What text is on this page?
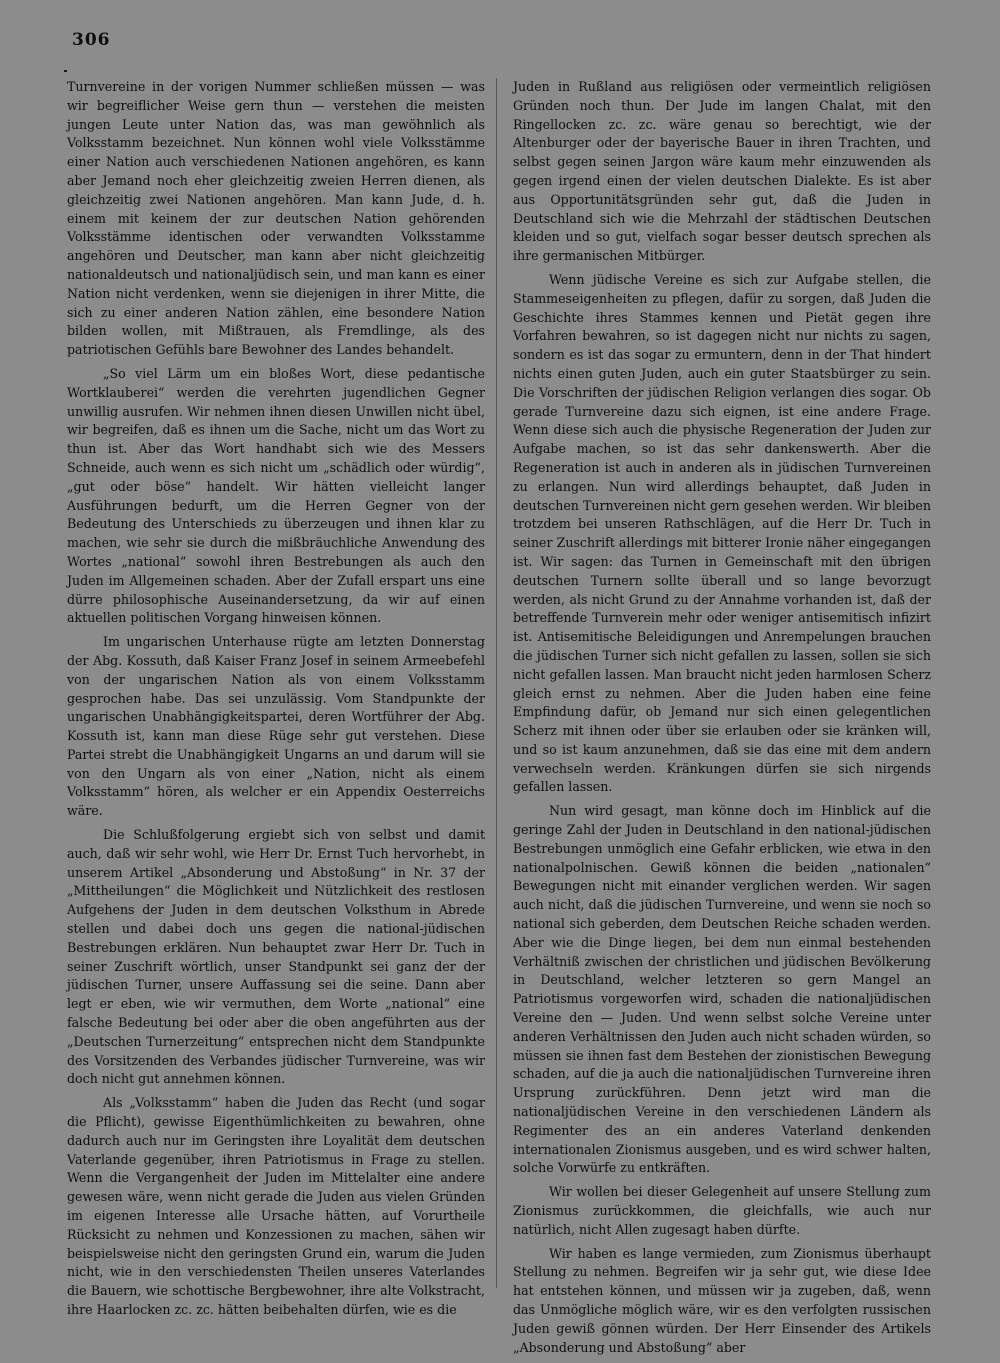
306

Turnvereine in der vorigen Nummer schließen müssen — was wir begreiflicher Weise gern thun — verstehen die meisten jungen Leute unter Nation das, was man gewöhnlich als Volksstamm bezeichnet. Nun können wohl viele Volksstämme einer Nation auch verschiedenen Nationen angehören, es kann aber Jemand noch eher gleichzeitig zweien Herren dienen, als gleichzeitig zwei Nationen angehören. Man kann Jude, d. h. einem mit keinem der zur deutschen Nation gehörenden Volksstämme identischen oder verwandten Volksstamme angehören und Deutscher, man kann aber nicht gleichzeitig nationaldeutsch und nationaljüdisch sein, und man kann es einer Nation nicht verdenken, wenn sie diejenigen in ihrer Mitte, die sich zu einer anderen Nation zählen, eine besondere Nation bilden wollen, mit Mißtrauen, als Fremdlinge, als des patriotischen Gefühls bare Bewohner des Landes behandelt.

„So viel Lärm um ein bloßes Wort, diese pedantische Wortklauberei“ werden die verehrten jugendlichen Gegner unwillig ausrufen. Wir nehmen ihnen diesen Unwillen nicht übel, wir begreifen, daß es ihnen um die Sache, nicht um das Wort zu thun ist. Aber das Wort handhabt sich wie des Messers Schneide, auch wenn es sich nicht um „schädlich oder würdig“, „gut oder böse“ handelt. Wir hätten vielleicht langer Ausführungen bedurft, um die Herren Gegner von der Bedeutung des Unterschieds zu überzeugen und ihnen klar zu machen, wie sehr sie durch die mißbräuchliche Anwendung des Wortes „national“ sowohl ihren Bestrebungen als auch den Juden im Allgemeinen schaden. Aber der Zufall erspart uns eine dürre philosophische Auseinandersetzung, da wir auf einen aktuellen politischen Vorgang hinweisen können.

Im ungarischen Unterhause rügte am letzten Donnerstag der Abg. Kossuth, daß Kaiser Franz Josef in seinem Armeebefehl von der ungarischen Nation als von einem Volksstamm gesprochen habe. Das sei unzulässig. Vom Standpunkte der ungarischen Unabhängigkeitspartei, deren Wortführer der Abg. Kossuth ist, kann man diese Rüge sehr gut verstehen. Diese Partei strebt die Unabhängigkeit Ungarns an und darum will sie von den Ungarn als von einer „Nation, nicht als einem Volksstamm“ hören, als welcher er ein Appendix Oesterreichs wäre.

Die Schlußfolgerung ergiebt sich von selbst und damit auch, daß wir sehr wohl, wie Herr Dr. Ernst Tuch hervorhebt, in unserem Artikel „Absonderung und Abstoßung“ in Nr. 37 der „Mittheilungen“ die Möglichkeit und Nützlichkeit des restlosen Aufgehens der Juden in dem deutschen Volksthum in Abrede stellen und dabei doch uns gegen die national-jüdischen Bestrebungen erklären. Nun behauptet zwar Herr Dr. Tuch in seiner Zuschrift wörtlich, unser Standpunkt sei ganz der der jüdischen Turner, unsere Auffassung sei die seine. Dann aber legt er eben, wie wir vermuthen, dem Worte „national“ eine falsche Bedeutung bei oder aber die oben angeführten aus der „Deutschen Turnerzeitung“ entsprechen nicht dem Standpunkte des Vorsitzenden des Verbandes jüdischer Turnvereine, was wir doch nicht gut annehmen können.

Als „Volksstamm“ haben die Juden das Recht (und sogar die Pflicht), gewisse Eigenthümlichkeiten zu bewahren, ohne dadurch auch nur im Geringsten ihre Loyalität dem deutschen Vaterlande gegenüber, ihren Patriotismus in Frage zu stellen. Wenn die Vergangenheit der Juden im Mittelalter eine andere gewesen wäre, wenn nicht gerade die Juden aus vielen Gründen im eigenen Interesse alle Ursache hätten, auf Vorurtheile Rücksicht zu nehmen und Konzessionen zu machen, sähen wir beispielsweise nicht den geringsten Grund ein, warum die Juden nicht, wie in den verschiedensten Theilen unseres Vaterlandes die Bauern, wie schottische Bergbewohner, ihre alte Volkstracht, ihre Haarlocken zc. zc. hätten beibehalten dürfen, wie es die

Juden in Rußland aus religiösen oder vermeintlich religiösen Gründen noch thun. Der Jude im langen Chalat, mit den Ringellocken zc. zc. wäre genau so berechtigt, wie der Altenburger oder der bayerische Bauer in ihren Trachten, und selbst gegen seinen Jargon wäre kaum mehr einzuwenden als gegen irgend einen der vielen deutschen Dialekte. Es ist aber aus Opportunitätsgründen sehr gut, daß die Juden in Deutschland sich wie die Mehrzahl der städtischen Deutschen kleiden und so gut, vielfach sogar besser deutsch sprechen als ihre germanischen Mitbürger.

Wenn jüdische Vereine es sich zur Aufgabe stellen, die Stammeseigenheiten zu pflegen, dafür zu sorgen, daß Juden die Geschichte ihres Stammes kennen und Pietät gegen ihre Vorfahren bewahren, so ist dagegen nicht nur nichts zu sagen, sondern es ist das sogar zu ermuntern, denn in der That hindert nichts einen guten Juden, auch ein guter Staatsbürger zu sein. Die Vorschriften der jüdischen Religion verlangen dies sogar. Ob gerade Turnvereine dazu sich eignen, ist eine andere Frage. Wenn diese sich auch die physische Regeneration der Juden zur Aufgabe machen, so ist das sehr dankenswerth. Aber die Regeneration ist auch in anderen als in jüdischen Turnvereinen zu erlangen. Nun wird allerdings behauptet, daß Juden in deutschen Turnvereinen nicht gern gesehen werden. Wir bleiben trotzdem bei unseren Rathschlägen, auf die Herr Dr. Tuch in seiner Zuschrift allerdings mit bitterer Ironie näher eingegangen ist. Wir sagen: das Turnen in Gemeinschaft mit den übrigen deutschen Turnern sollte überall und so lange bevorzugt werden, als nicht Grund zu der Annahme vorhanden ist, daß der betreffende Turnverein mehr oder weniger antisemitisch infizirt ist. Antisemitische Beleidigungen und Anrempelungen brauchen die jüdischen Turner sich nicht gefallen zu lassen, sollen sie sich nicht gefallen lassen. Man braucht nicht jeden harmlosen Scherz gleich ernst zu nehmen. Aber die Juden haben eine feine Empfindung dafür, ob Jemand nur sich einen gelegentlichen Scherz mit ihnen oder über sie erlauben oder sie kränken will, und so ist kaum anzunehmen, daß sie das eine mit dem andern verwechseln werden. Kränkungen dürfen sie sich nirgends gefallen lassen.

Nun wird gesagt, man könne doch im Hinblick auf die geringe Zahl der Juden in Deutschland in den national-jüdischen Bestrebungen unmöglich eine Gefahr erblicken, wie etwa in den nationalpolnischen. Gewiß können die beiden „nationalen“ Bewegungen nicht mit einander verglichen werden. Wir sagen auch nicht, daß die jüdischen Turnvereine, und wenn sie noch so national sich geberden, dem Deutschen Reiche schaden werden. Aber wie die Dinge liegen, bei dem nun einmal bestehenden Verhältniß zwischen der christlichen und jüdischen Bevölkerung in Deutschland, welcher letzteren so gern Mangel an Patriotismus vorgeworfen wird, schaden die nationaljüdischen Vereine den — Juden. Und wenn selbst solche Vereine unter anderen Verhältnissen den Juden auch nicht schaden würden, so müssen sie ihnen fast dem Bestehen der zionistischen Bewegung schaden, auf die ja auch die nationaljüdischen Turnvereine ihren Ursprung zurückführen. Denn jetzt wird man die nationaljüdischen Vereine in den verschiedenen Ländern als Regimenter des an ein anderes Vaterland denkenden internationalen Zionismus ausgeben, und es wird schwer halten, solche Vorwürfe zu entkräften.

Wir wollen bei dieser Gelegenheit auf unsere Stellung zum Zionismus zurückkommen, die gleichfalls, wie auch nur natürlich, nicht Allen zugesagt haben dürfte.

Wir haben es lange vermieden, zum Zionismus überhaupt Stellung zu nehmen. Begreifen wir ja sehr gut, wie diese Idee hat entstehen können, und müssen wir ja zugeben, daß, wenn das Unmögliche möglich wäre, wir es den verfolgten russischen Juden gewiß gönnen würden. Der Herr Einsender des Artikels „Absonderung und Abstoßung“ aber
